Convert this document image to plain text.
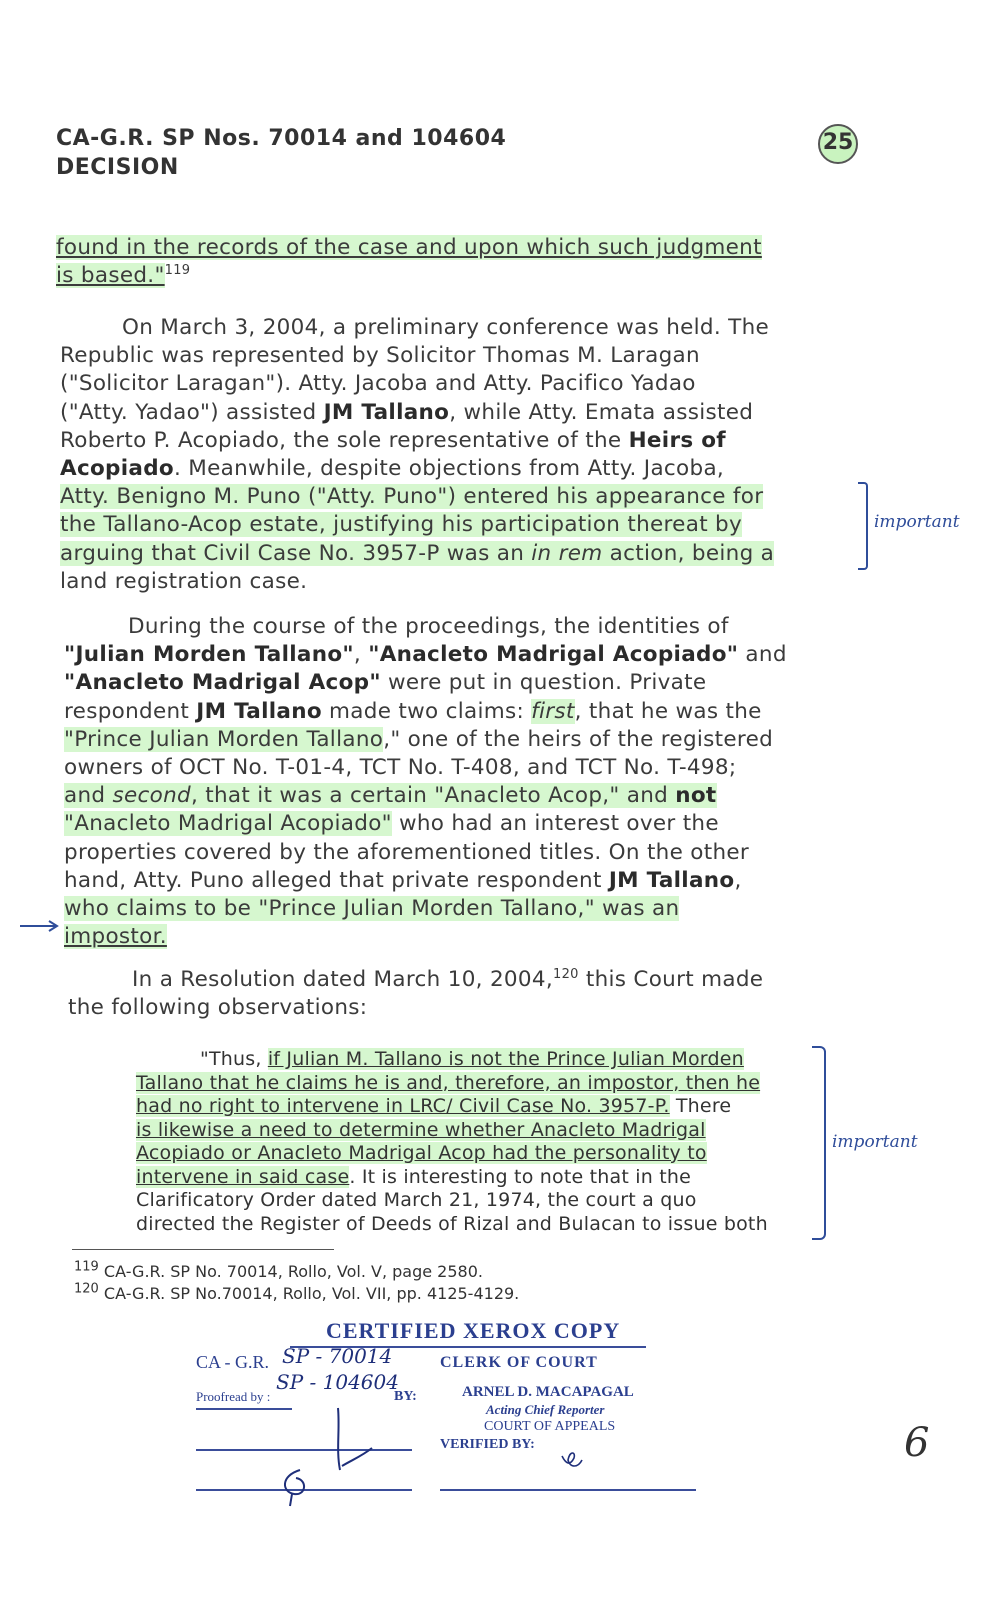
CA-G.R. SP Nos. 70014 and 104604
DECISION
25
found in the records of the case and upon which such judgment
is based."$^{119}$
On March 3, 2004, a preliminary conference was held. The
Republic was represented by Solicitor Thomas M. Laragan
("Solicitor Laragan"). Atty. Jacoba and Atty. Pacifico Yadao
("Atty. Yadao") assisted JM Tallano, while Atty. Emata assisted
Roberto P. Acopiado, the sole representative of the Heirs of
Acopiado. Meanwhile, despite objections from Atty. Jacoba,
Atty. Benigno M. Puno ("Atty. Puno") entered his appearance for
the Tallano-Acop estate, justifying his participation thereat by
arguing that Civil Case No. 3957-P was an in rem action, being a
land registration case.
important
During the course of the proceedings, the identities of
"Julian Morden Tallano", "Anacleto Madrigal Acopiado" and
"Anacleto Madrigal Acop" were put in question. Private
respondent JM Tallano made two claims: first, that he was the
"Prince Julian Morden Tallano," one of the heirs of the registered
owners of OCT No. T-01-4, TCT No. T-408, and TCT No. T-498;
and second, that it was a certain "Anacleto Acop," and not
"Anacleto Madrigal Acopiado" who had an interest over the
properties covered by the aforementioned titles. On the other
hand, Atty. Puno alleged that private respondent JM Tallano,
who claims to be "Prince Julian Morden Tallano," was an
impostor.
In a Resolution dated March 10, 2004,$^{120}$ this Court made
the following observations:
"Thus, if Julian M. Tallano is not the Prince Julian Morden
Tallano that he claims he is and, therefore, an impostor, then he
had no right to intervene in LRC/ Civil Case No. 3957-P. There
is likewise a need to determine whether Anacleto Madrigal
Acopiado or Anacleto Madrigal Acop had the personality to
intervene in said case. It is interesting to note that in the
Clarificatory Order dated March 21, 1974, the court a quo
directed the Register of Deeds of Rizal and Bulacan to issue both
important
$^{119}$ CA-G.R. SP No. 70014, Rollo, Vol. V, page 2580.
$^{120}$ CA-G.R. SP No.70014, Rollo, Vol. VII, pp. 4125-4129.
CERTIFIED XEROX COPY
CA - G.R. SP - 70014
SP - 104604
CLERK OF COURT
Proofread by :	BY:	ARNEL D. MACAPAGAL
Acting Chief Reporter
COURT OF APPEALS
VERIFIED BY:	6
